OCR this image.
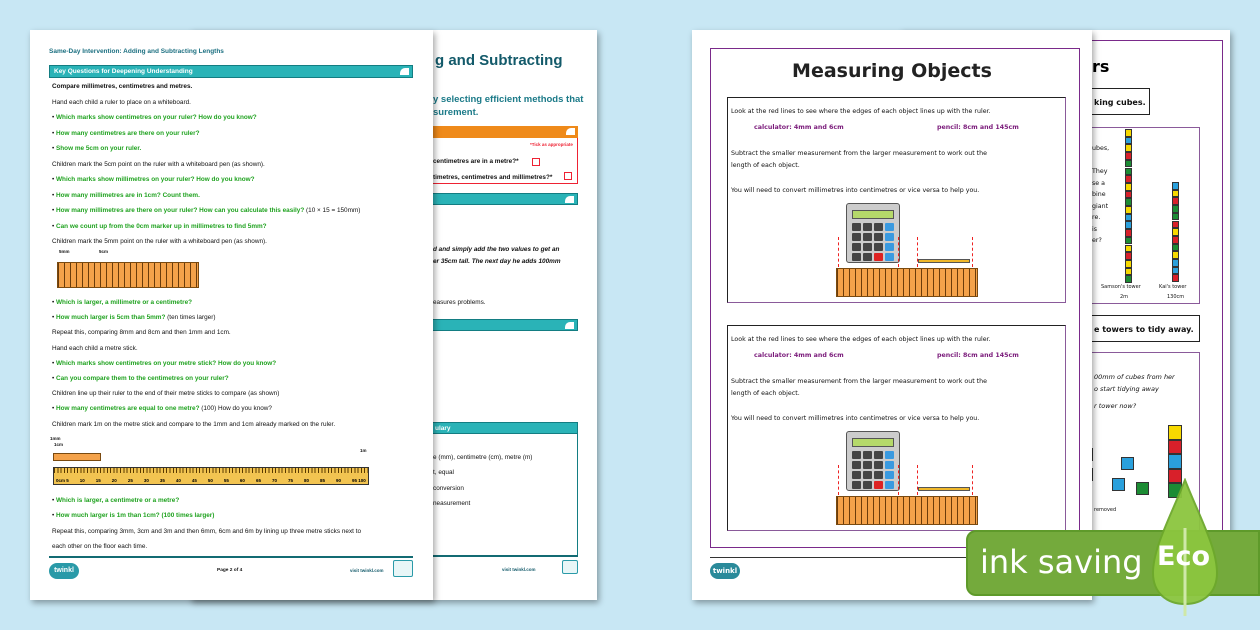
g and Subtracting
y selecting efficient methods that
surement.
*Tick as appropriate
centimetres are in a metre?*
timetres, centimetres and millimetres?*
d and simply add the two values to get an
er 35cm tall. The next day he adds 100mm
easures problems.
ulary
e (mm), centimetre (cm), metre (m)
t, equal
conversion
neasurement
visit twinkl.com
Same-Day Intervention: Adding and Subtracting Lengths
Key Questions for Deepening Understanding
5mm	5cm
1mm
1cm
1m
0cm 5 10 15 20 25 30 35 40 45 50 55 60 65 70 75 80 85 90 95 100
twinkl	Page 2 of 4	visit twinkl.com
Compare millimetres, centimetres and metres.
Hand each child a ruler to place on a whiteboard.
• Which marks show centimetres on your ruler? How do you know?
• How many centimetres are there on your ruler?
• Show me 5cm on your ruler.
Children mark the 5cm point on the ruler with a whiteboard pen (as shown).
• Which marks show millimetres on your ruler? How do you know?
• How many millimetres are in 1cm? Count them.
• How many millimetres are there on your ruler? How can you calculate this easily? (10 × 15 = 150mm)
• Can we count up from the 0cm marker up in millimetres to find 5mm?
Children mark the 5mm point on the ruler with a whiteboard pen (as shown).
• Which is larger, a millimetre or a centimetre?
• How much larger is 5cm than 5mm? (ten times larger)
Repeat this, comparing 8mm and 8cm and then 1mm and 1cm.
Hand each child a metre stick.
• Which marks show centimetres on your metre stick? How do you know?
• Can you compare them to the centimetres on your ruler?
Children line up their ruler to the end of their metre sticks to compare (as shown)
• How many centimetres are equal to one metre? (100) How do you know?
Children mark 1m on the metre stick and compare to the 1mm and 1cm already marked on the ruler.
• Which is larger, a centimetre or a metre?
• How much larger is 1m than 1cm? (100 times larger)
Repeat this, comparing 3mm, 3cm and 3m and then 6mm, 6cm and 6m by lining up three metre sticks next to
each other on the floor each time.
rs
king cubes.
Samson's tower
2m
Kai's tower
130cm
e towers to tidy away.
00mm of cubes from her
o start tidying away
r tower now?
removed
ubes,
They
se a
bine
giant
re.
is
er?
Measuring Objects
twinkl
Look at the red lines to see where the edges of each object lines up with the ruler.
calculator: 4mm and 6cm	pencil: 8cm and 145cm
Subtract the smaller measurement from the larger measurement to work out the
length of each object.
You will need to convert millimetres into centimetres or vice versa to help you.
Look at the red lines to see where the edges of each object lines up with the ruler.
calculator: 4mm and 6cm	pencil: 8cm and 145cm
Subtract the smaller measurement from the larger measurement to work out the
length of each object.
You will need to convert millimetres into centimetres or vice versa to help you.
ink saving Eco
